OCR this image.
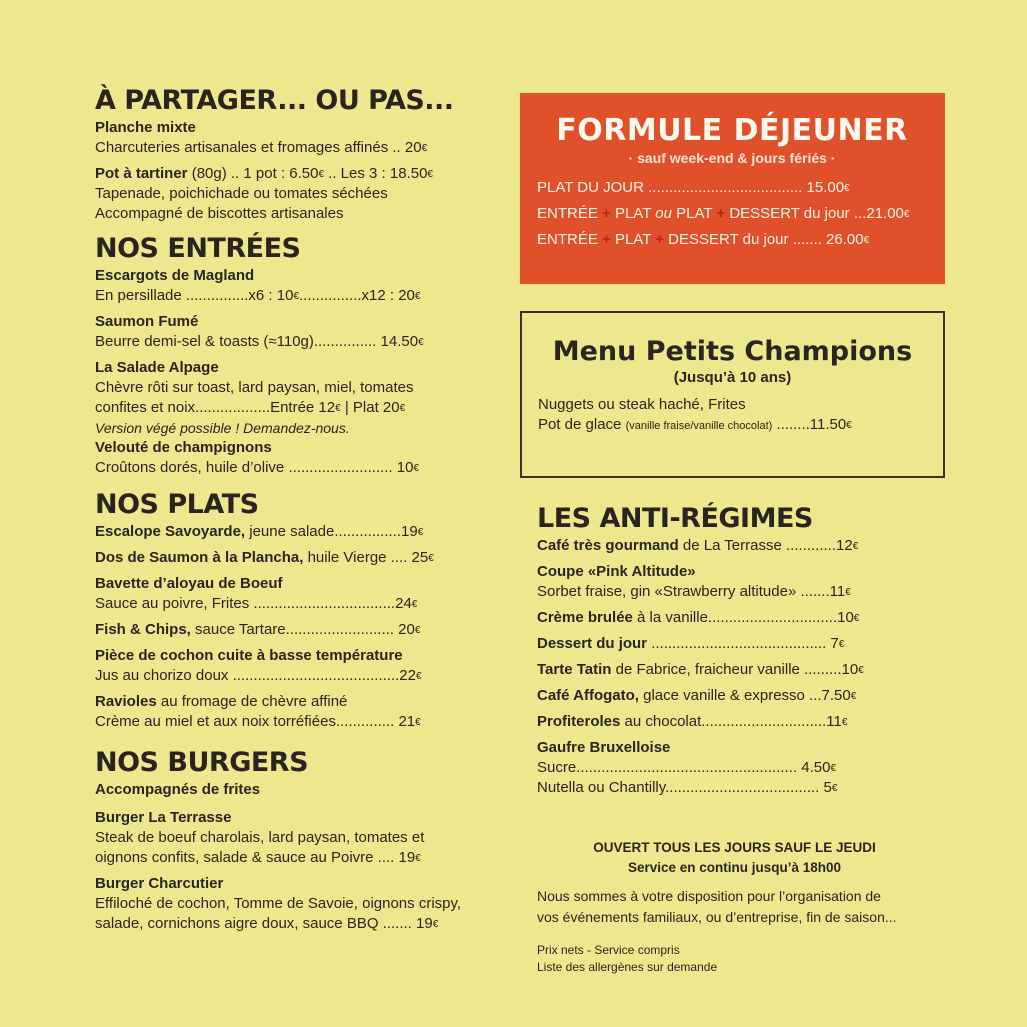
À PARTAGER... OU PAS...
Planche mixte
Charcuteries artisanales et fromages affinés .. 20€
Pot à tartiner (80g) .. 1 pot : 6.50€ .. Les 3 : 18.50€
Tapenade, poichichade ou tomates séchées
Accompagné de biscottes artisanales
NOS ENTRÉES
Escargots de Magland
En persillade ...............x6 : 10€...............x12 : 20€
Saumon Fumé
Beurre demi-sel & toasts (≈110g)............... 14.50€
La Salade Alpage
Chèvre rôti sur toast, lard paysan, miel, tomates
confites et noix..................Entrée 12€ | Plat 20€
Version végé possible ! Demandez-nous.
Velouté de champignons
Croûtons dorés, huile d’olive ......................... 10€
NOS PLATS
Escalope Savoyarde, jeune salade................19€
Dos de Saumon à la Plancha, huile Vierge .... 25€
Bavette d’aloyau de Boeuf
Sauce au poivre, Frites ..................................24€
Fish & Chips, sauce Tartare.......................... 20€
Pièce de cochon cuite à basse température
Jus au chorizo doux ........................................22€
Ravioles au fromage de chèvre affiné
Crème au miel et aux noix torréfiées.............. 21€
NOS BURGERS
Accompagnés de frites
Burger La Terrasse
Steak de boeuf charolais, lard paysan, tomates et
oignons confits, salade & sauce au Poivre .... 19€
Burger Charcutier
Effiloché de cochon, Tomme de Savoie, oignons crispy,
salade, cornichons aigre doux, sauce BBQ ....... 19€
FORMULE DÉJEUNER
· sauf week-end & jours fériés ·
PLAT DU JOUR ..................................... 15.00€
ENTRÉE + PLAT ou PLAT + DESSERT du jour ...21.00€
ENTRÉE + PLAT + DESSERT du jour ....... 26.00€
Menu Petits Champions
(Jusqu’à 10 ans)
Nuggets ou steak haché, Frites
Pot de glace (vanille fraise/vanille chocolat) ........11.50€
LES ANTI-RÉGIMES
Café très gourmand de La Terrasse ............12€
Coupe «Pink Altitude»
Sorbet fraise, gin «Strawberry altitude» .......11€
Crème brulée à la vanille...............................10€
Dessert du jour .......................................... 7€
Tarte Tatin de Fabrice, fraicheur vanille .........10€
Café Affogato, glace vanille & expresso ...7.50€
Profiteroles au chocolat..............................11€
Gaufre Bruxelloise
Sucre..................................................... 4.50€
Nutella ou Chantilly..................................... 5€
OUVERT TOUS LES JOURS SAUF LE JEUDI
Service en continu jusqu’à 18h00
Nous sommes à votre disposition pour l’organisation de
vos événements familiaux, ou d’entreprise, fin de saison...
Prix nets - Service compris
Liste des allergènes sur demande
